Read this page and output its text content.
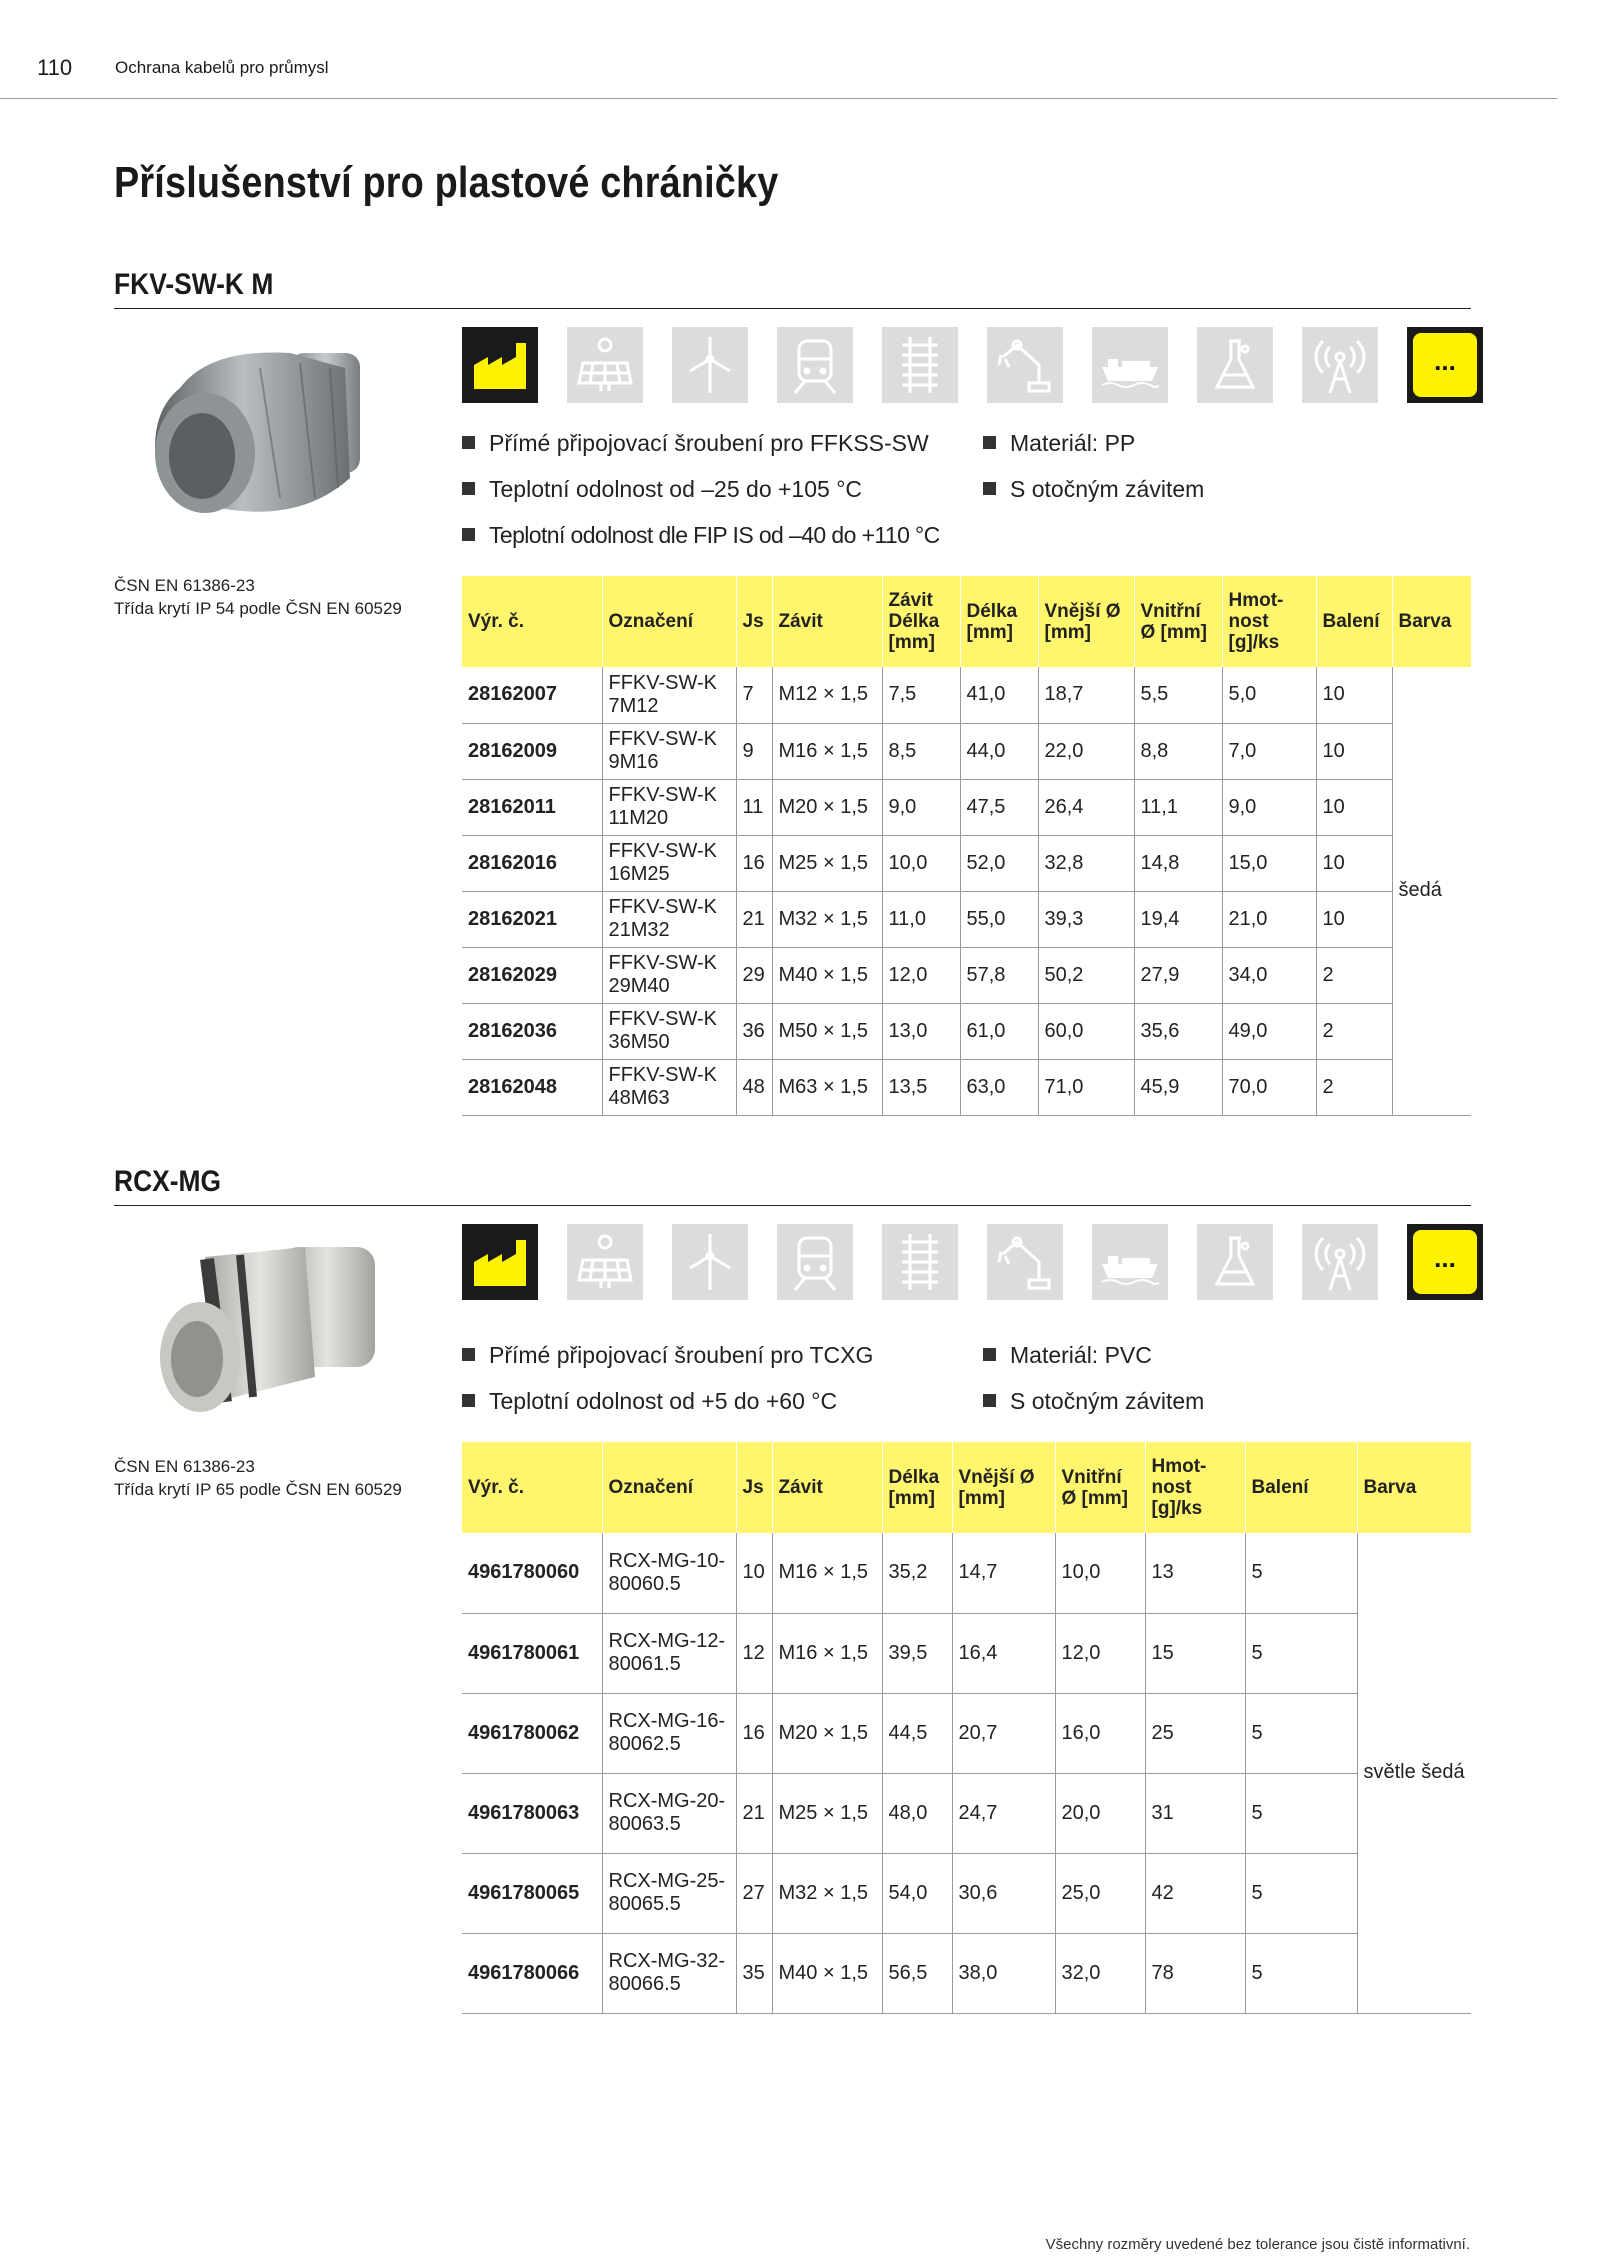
110	Ochrana kabelů pro průmysl
Příslušenství pro plastové chráničky
FKV-SW-K M
ČSN EN 61386-23
Třída krytí IP 54 podle ČSN EN 60529
...
Přímé připojovací šroubení pro FFKSS-SW	Materiál: PP
Teplotní odolnost od –25 do +105 °C	S otočným závitem
Teplotní odolnost dle FIP IS od –40 do +110 °C
Výr. č.	Označení	Js	Závit	Závit Délka [mm]	Délka [mm]	Vnější Ø [mm]	Vnitřní Ø [mm]	Hmot-nost [g]/ks	Balení	Barva
28162007	FFKV-SW-K 7M12	7	M12 × 1,5	7,5	41,0	18,7	5,5	5,0	10	šedá
28162009	FFKV-SW-K 9M16	9	M16 × 1,5	8,5	44,0	22,0	8,8	7,0	10	
28162011	FFKV-SW-K 11M20	11	M20 × 1,5	9,0	47,5	26,4	11,1	9,0	10	
28162016	FFKV-SW-K 16M25	16	M25 × 1,5	10,0	52,0	32,8	14,8	15,0	10	
28162021	FFKV-SW-K 21M32	21	M32 × 1,5	11,0	55,0	39,3	19,4	21,0	10	
28162029	FFKV-SW-K 29M40	29	M40 × 1,5	12,0	57,8	50,2	27,9	34,0	2	
28162036	FFKV-SW-K 36M50	36	M50 × 1,5	13,0	61,0	60,0	35,6	49,0	2	
28162048	FFKV-SW-K 48M63	48	M63 × 1,5	13,5	63,0	71,0	45,9	70,0	2	
RCX-MG
ČSN EN 61386-23
Třída krytí IP 65 podle ČSN EN 60529
...
Přímé připojovací šroubení pro TCXG	Materiál: PVC
Teplotní odolnost od +5 do +60 °C	S otočným závitem
Výr. č.	Označení	Js	Závit	Délka [mm]	Vnější Ø [mm]	Vnitřní Ø [mm]	Hmot-nost [g]/ks	Balení	Barva
4961780060	RCX-MG-10-80060.5	10	M16 × 1,5	35,2	14,7	10,0	13	5	světle šedá
4961780061	RCX-MG-12-80061.5	12	M16 × 1,5	39,5	16,4	12,0	15	5	
4961780062	RCX-MG-16-80062.5	16	M20 × 1,5	44,5	20,7	16,0	25	5	
4961780063	RCX-MG-20-80063.5	21	M25 × 1,5	48,0	24,7	20,0	31	5	
4961780065	RCX-MG-25-80065.5	27	M32 × 1,5	54,0	30,6	25,0	42	5	
4961780066	RCX-MG-32-80066.5	35	M40 × 1,5	56,5	38,0	32,0	78	5	
Všechny rozměry uvedené bez tolerance jsou čistě informativní.
